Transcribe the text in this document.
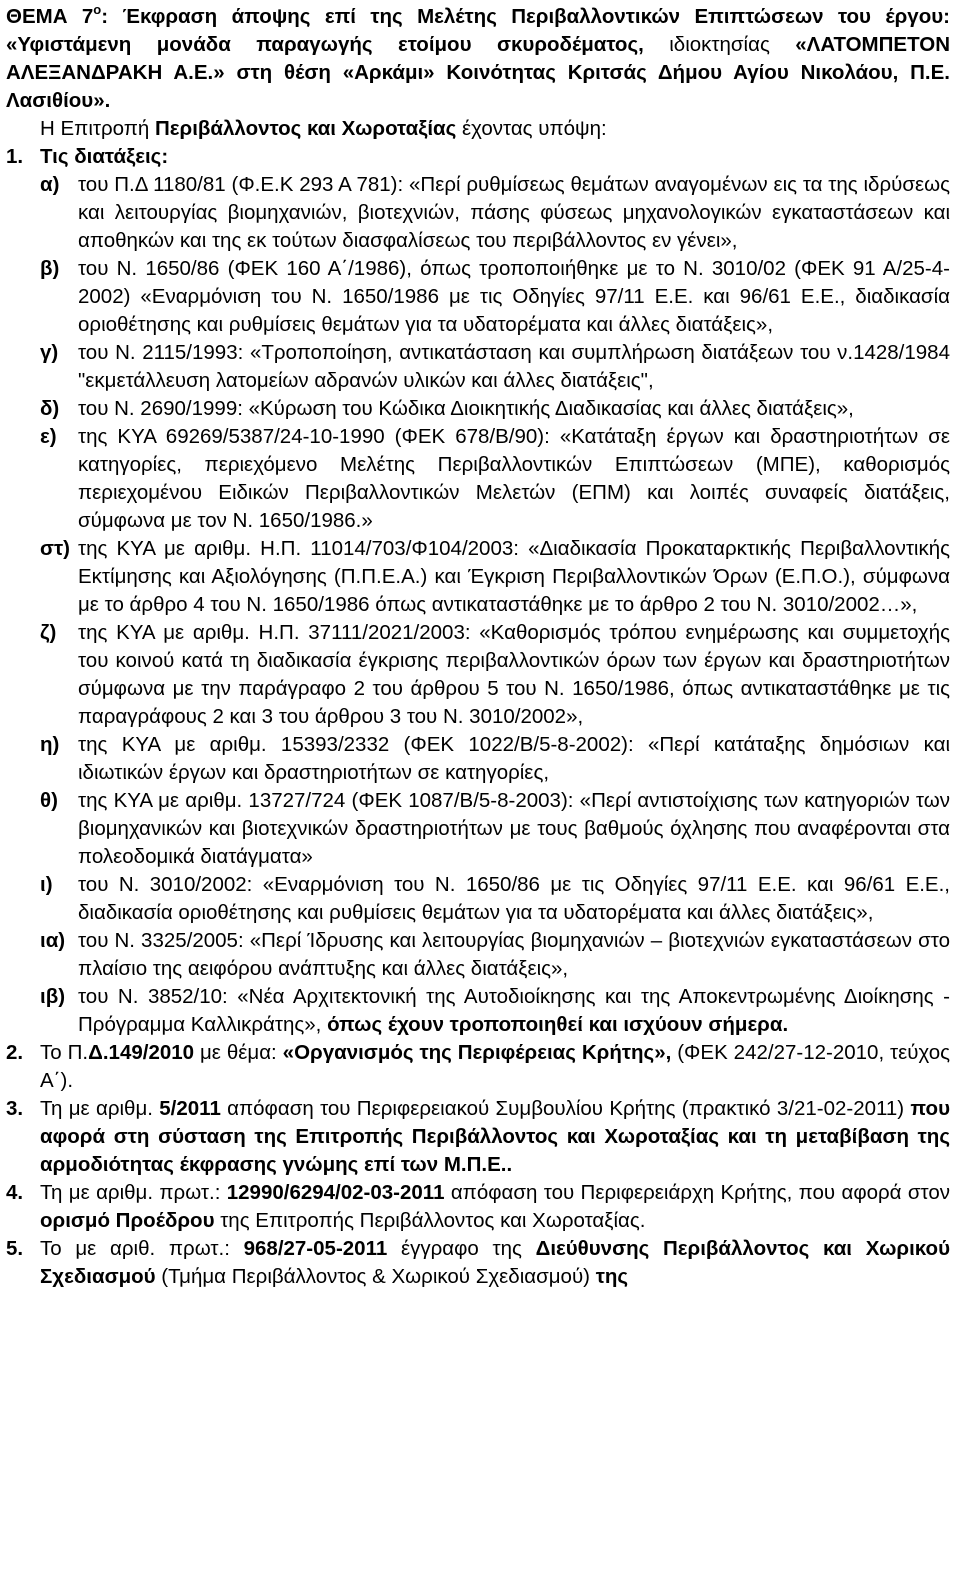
ΘΕΜΑ $7^o$: Έκφραση άποψης επί της Μελέτης Περιβαλλοντικών Επιπτώσεων του έργου: «Υφιστάμενη μονάδα παραγωγής ετοίμου σκυροδέματος, ιδιοκτησίας «ΛΑΤΟΜΠΕΤΟΝ ΑΛΕΞΑΝΔΡΑΚΗ Α.Ε.» στη θέση «Αρκάμι» Κοινότητας Κριτσάς Δήμου Αγίου Νικολάου, Π.Ε. Λασιθίου».
Η Επιτροπή Περιβάλλοντος και Χωροταξίας έχοντας υπόψη:
1. Τις διατάξεις:
α) του Π.Δ 1180/81 (Φ.Ε.Κ 293 Α 781): «Περί ρυθμίσεως θεμάτων αναγομένων εις τα της ιδρύσεως και λειτουργίας βιομηχανιών, βιοτεχνιών, πάσης φύσεως μηχανολογικών εγκαταστάσεων και αποθηκών και της εκ τούτων διασφαλίσεως του περιβάλλοντος εν γένει»,
β) του Ν. 1650/86 (ΦΕΚ 160 Α΄/1986), όπως τροποποιήθηκε με το Ν. 3010/02 (ΦΕΚ 91 Α/25-4-2002) «Εναρμόνιση του Ν. 1650/1986 με τις Οδηγίες 97/11 Ε.Ε. και 96/61 Ε.Ε., διαδικασία οριοθέτησης και ρυθμίσεις θεμάτων για τα υδατορέματα και άλλες διατάξεις»,
γ) του Ν. 2115/1993: «Τροποποίηση, αντικατάσταση και συμπλήρωση διατάξεων του ν.1428/1984 "εκμετάλλευση λατομείων αδρανών υλικών και άλλες διατάξεις",
δ) του Ν. 2690/1999: «Κύρωση του Κώδικα Διοικητικής Διαδικασίας και άλλες διατάξεις»,
ε) της ΚΥΑ 69269/5387/24-10-1990 (ΦΕΚ 678/Β/90): «Κατάταξη έργων και δραστηριοτήτων σε κατηγορίες, περιεχόμενο Μελέτης Περιβαλλοντικών Επιπτώσεων (ΜΠΕ), καθορισμός περιεχομένου Ειδικών Περιβαλλοντικών Μελετών (ΕΠΜ) και λοιπές συναφείς διατάξεις, σύμφωνα με τον Ν. 1650/1986.»
στ) της ΚΥΑ με αριθμ. Η.Π. 11014/703/Φ104/2003: «Διαδικασία Προκαταρκτικής Περιβαλλοντικής Εκτίμησης και Αξιολόγησης (Π.Π.Ε.Α.) και Έγκριση Περιβαλλοντικών Όρων (Ε.Π.Ο.), σύμφωνα με το άρθρο 4 του Ν. 1650/1986 όπως αντικαταστάθηκε με το άρθρο 2 του Ν. 3010/2002…»,
ζ) της ΚΥΑ με αριθμ. Η.Π. 37111/2021/2003: «Καθορισμός τρόπου ενημέρωσης και συμμετοχής του κοινού κατά τη διαδικασία έγκρισης περιβαλλοντικών όρων των έργων και δραστηριοτήτων σύμφωνα με την παράγραφο 2 του άρθρου 5 του Ν. 1650/1986, όπως αντικαταστάθηκε με τις παραγράφους 2 και 3 του άρθρου 3 του Ν. 3010/2002»,
η) της ΚΥΑ με αριθμ. 15393/2332 (ΦΕΚ 1022/Β/5-8-2002): «Περί κατάταξης δημόσιων και ιδιωτικών έργων και δραστηριοτήτων σε κατηγορίες,
θ) της ΚΥΑ με αριθμ. 13727/724 (ΦΕΚ 1087/Β/5-8-2003): «Περί αντιστοίχισης των κατηγοριών των βιομηχανικών και βιοτεχνικών δραστηριοτήτων με τους βαθμούς όχλησης που αναφέρονται στα πολεοδομικά διατάγματα»
ι) του Ν. 3010/2002: «Εναρμόνιση του Ν. 1650/86 με τις Οδηγίες 97/11 Ε.Ε. και 96/61 Ε.Ε., διαδικασία οριοθέτησης και ρυθμίσεις θεμάτων για τα υδατορέματα και άλλες διατάξεις»,
ια) του Ν. 3325/2005: «Περί Ίδρυσης και λειτουργίας βιομηχανιών – βιοτεχνιών εγκαταστάσεων στο πλαίσιο της αειφόρου ανάπτυξης και άλλες διατάξεις»,
ιβ) του Ν. 3852/10: «Νέα Αρχιτεκτονική της Αυτοδιοίκησης και της Αποκεντρωμένης Διοίκησης - Πρόγραμμα Καλλικράτης», όπως έχουν τροποποιηθεί και ισχύουν σήμερα.
2. Το Π.Δ.149/2010 με θέμα: «Οργανισμός της Περιφέρειας Κρήτης», (ΦΕΚ 242/27-12-2010, τεύχος Α΄).
3. Τη με αριθμ. 5/2011 απόφαση του Περιφερειακού Συμβουλίου Κρήτης (πρακτικό 3/21-02-2011) που αφορά στη σύσταση της Επιτροπής Περιβάλλοντος και Χωροταξίας και τη μεταβίβαση της αρμοδιότητας έκφρασης γνώμης επί των Μ.Π.Ε..
4. Τη με αριθμ. πρωτ.: 12990/6294/02-03-2011 απόφαση του Περιφερειάρχη Κρήτης, που αφορά στον ορισμό Προέδρου της Επιτροπής Περιβάλλοντος και Χωροταξίας.
5. Το με αριθ. πρωτ.: 968/27-05-2011 έγγραφο της Διεύθυνσης Περιβάλλοντος και Χωρικού Σχεδιασμού (Τμήμα Περιβάλλοντος & Χωρικού Σχεδιασμού) της
